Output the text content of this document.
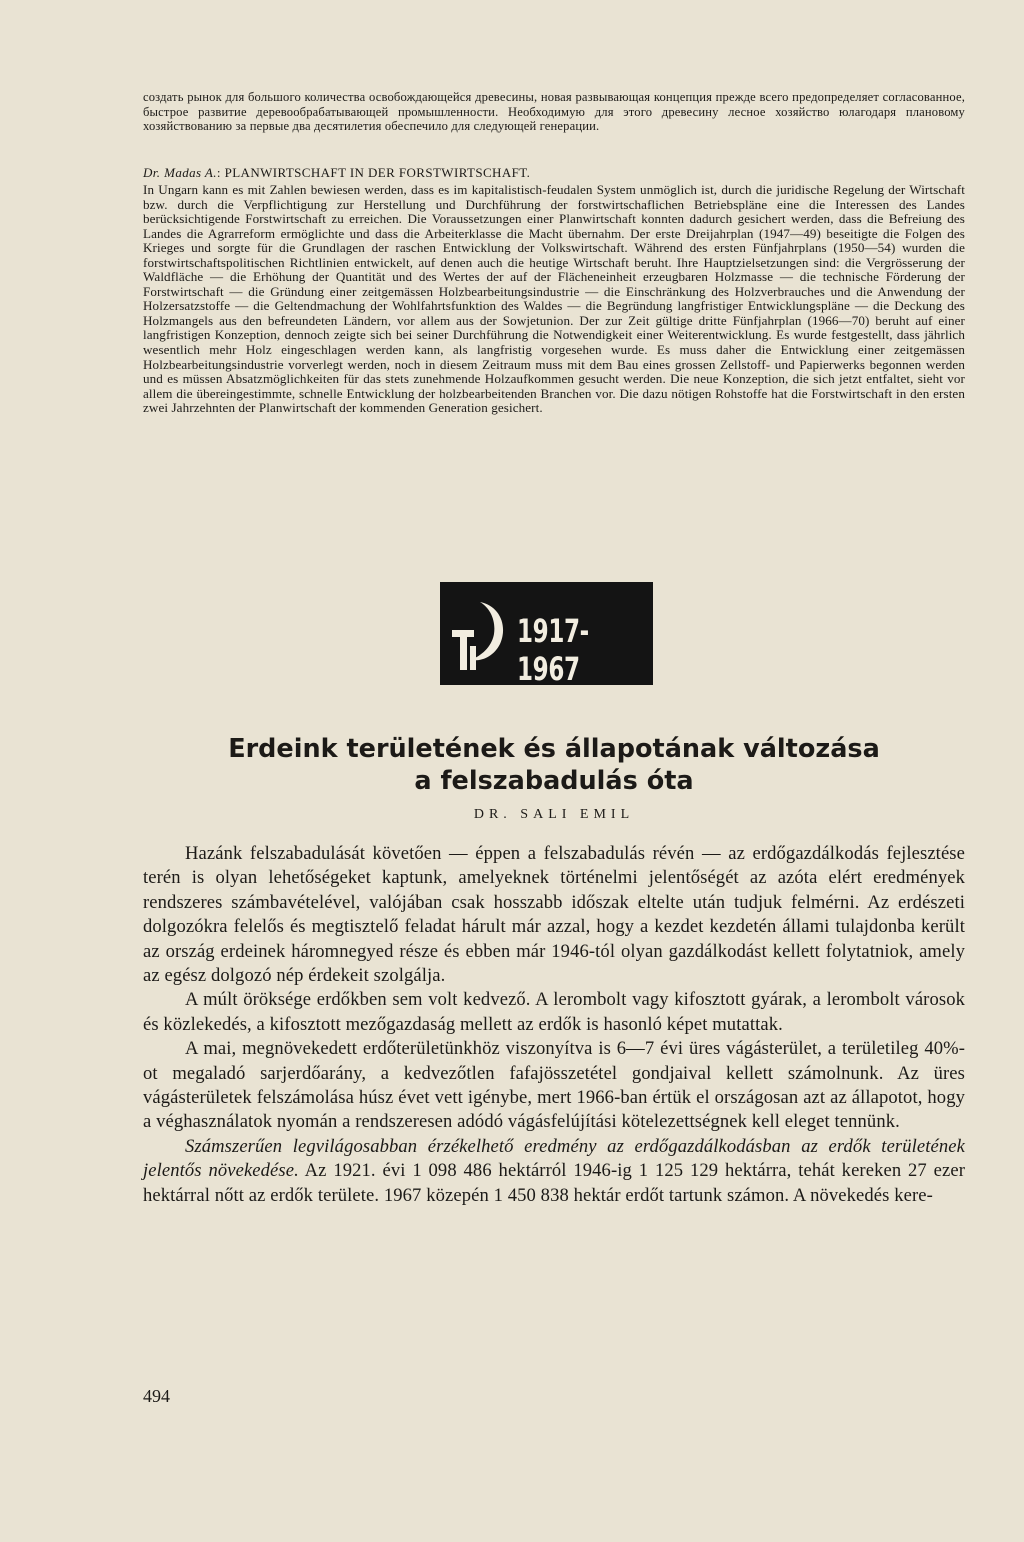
создать рынок для большого количества освобождающейся древесины, новая развывающая концепция прежде всего предопределяет согласованное, быстрое развитие деревообрабатывающей промышленности. Необходимую для этого древесину лесное хозяйство юлагодаря плановому хозяйствованию за первые два десятилетия обеспечило для следующей генерации.
Dr. Madas A.: PLANWIRTSCHAFT IN DER FORSTWIRTSCHAFT.

In Ungarn kann es mit Zahlen bewiesen werden, dass es im kapitalistisch-feudalen System unmöglich ist, durch die juridische Regelung der Wirtschaft bzw. durch die Verpflichtigung zur Herstellung und Durchführung der forstwirtschaflichen Betriebspläne eine die Interessen des Landes berücksichtigende Forstwirtschaft zu erreichen. Die Voraussetzungen einer Planwirtschaft konnten dadurch gesichert werden, dass die Befreiung des Landes die Agrarreform ermöglichte und dass die Arbeiterklasse die Macht übernahm. Der erste Dreijahrplan (1947—49) beseitigte die Folgen des Krieges und sorgte für die Grundlagen der raschen Entwicklung der Volkswirtschaft. Während des ersten Fünfjahrplans (1950—54) wurden die forstwirtschaftspolitischen Richtlinien entwickelt, auf denen auch die heutige Wirtschaft beruht. Ihre Hauptzielsetzungen sind: die Vergrösserung der Waldfläche — die Erhöhung der Quantität und des Wertes der auf der Flächeneinheit erzeugbaren Holzmasse — die technische Förderung der Forstwirtschaft — die Gründung einer zeitgemässen Holzbearbeitungsindustrie — die Einschränkung des Holzverbrauches und die Anwendung der Holzersatzstoffe — die Geltendmachung der Wohlfahrtsfunktion des Waldes — die Begründung langfristiger Entwicklungspläne — die Deckung des Holzmangels aus den befreundeten Ländern, vor allem aus der Sowjetunion. Der zur Zeit gültige dritte Fünfjahrplan (1966—70) beruht auf einer langfristigen Konzeption, dennoch zeigte sich bei seiner Durchführung die Notwendigkeit einer Weiterentwicklung. Es wurde festgestellt, dass jährlich wesentlich mehr Holz eingeschlagen werden kann, als langfristig vorgesehen wurde. Es muss daher die Entwicklung einer zeitgemässen Holzbearbeitungsindustrie vorverlegt werden, noch in diesem Zeitraum muss mit dem Bau eines grossen Zellstoff- und Papierwerks begonnen werden und es müssen Absatzmöglichkeiten für das stets zunehmende Holzaufkommen gesucht werden. Die neue Konzeption, die sich jetzt entfaltet, sieht vor allem die übereingestimmte, schnelle Entwicklung der holzbearbeitenden Branchen vor. Die dazu nötigen Rohstoffe hat die Forstwirtschaft in den ersten zwei Jahrzehnten der Planwirtschaft der kommenden Generation gesichert.

1917-1967
Erdeink területének és állapotának változása
a felszabadulás óta
DR. SALI EMIL

Hazánk felszabadulását követően — éppen a felszabadulás révén — az erdőgazdálkodás fejlesztése terén is olyan lehetőségeket kaptunk, amelyeknek történelmi jelentőségét az azóta elért eredmények rendszeres számbavételével, valójában csak hosszabb időszak eltelte után tudjuk felmérni. Az erdészeti dolgozókra felelős és megtisztelő feladat hárult már azzal, hogy a kezdet kezdetén állami tulajdonba került az ország erdeinek háromnegyed része és ebben már 1946-tól olyan gazdálkodást kellett folytatniok, amely az egész dolgozó nép érdekeit szolgálja.

A múlt öröksége erdőkben sem volt kedvező. A lerombolt vagy kifosztott gyárak, a lerombolt városok és közlekedés, a kifosztott mezőgazdaság mellett az erdők is hasonló képet mutattak.

A mai, megnövekedett erdőterületünkhöz viszonyítva is 6—7 évi üres vágásterület, a területileg 40%-ot megaladó sarjerdőarány, a kedvezőtlen fafajösszetétel gondjaival kellett számolnunk. Az üres vágásterületek felszámolása húsz évet vett igénybe, mert 1966-ban értük el országosan azt az állapotot, hogy a véghasználatok nyomán a rendszeresen adódó vágásfelújítási kötelezettségnek kell eleget tennünk.

Számszerűen legvilágosabban érzékelhető eredmény az erdőgazdálkodásban az erdők területének jelentős növekedése. Az 1921. évi 1 098 486 hektárról 1946-ig 1 125 129 hektárra, tehát kereken 27 ezer hektárral nőtt az erdők területe. 1967 közepén 1 450 838 hektár erdőt tartunk számon. A növekedés kere-

494
